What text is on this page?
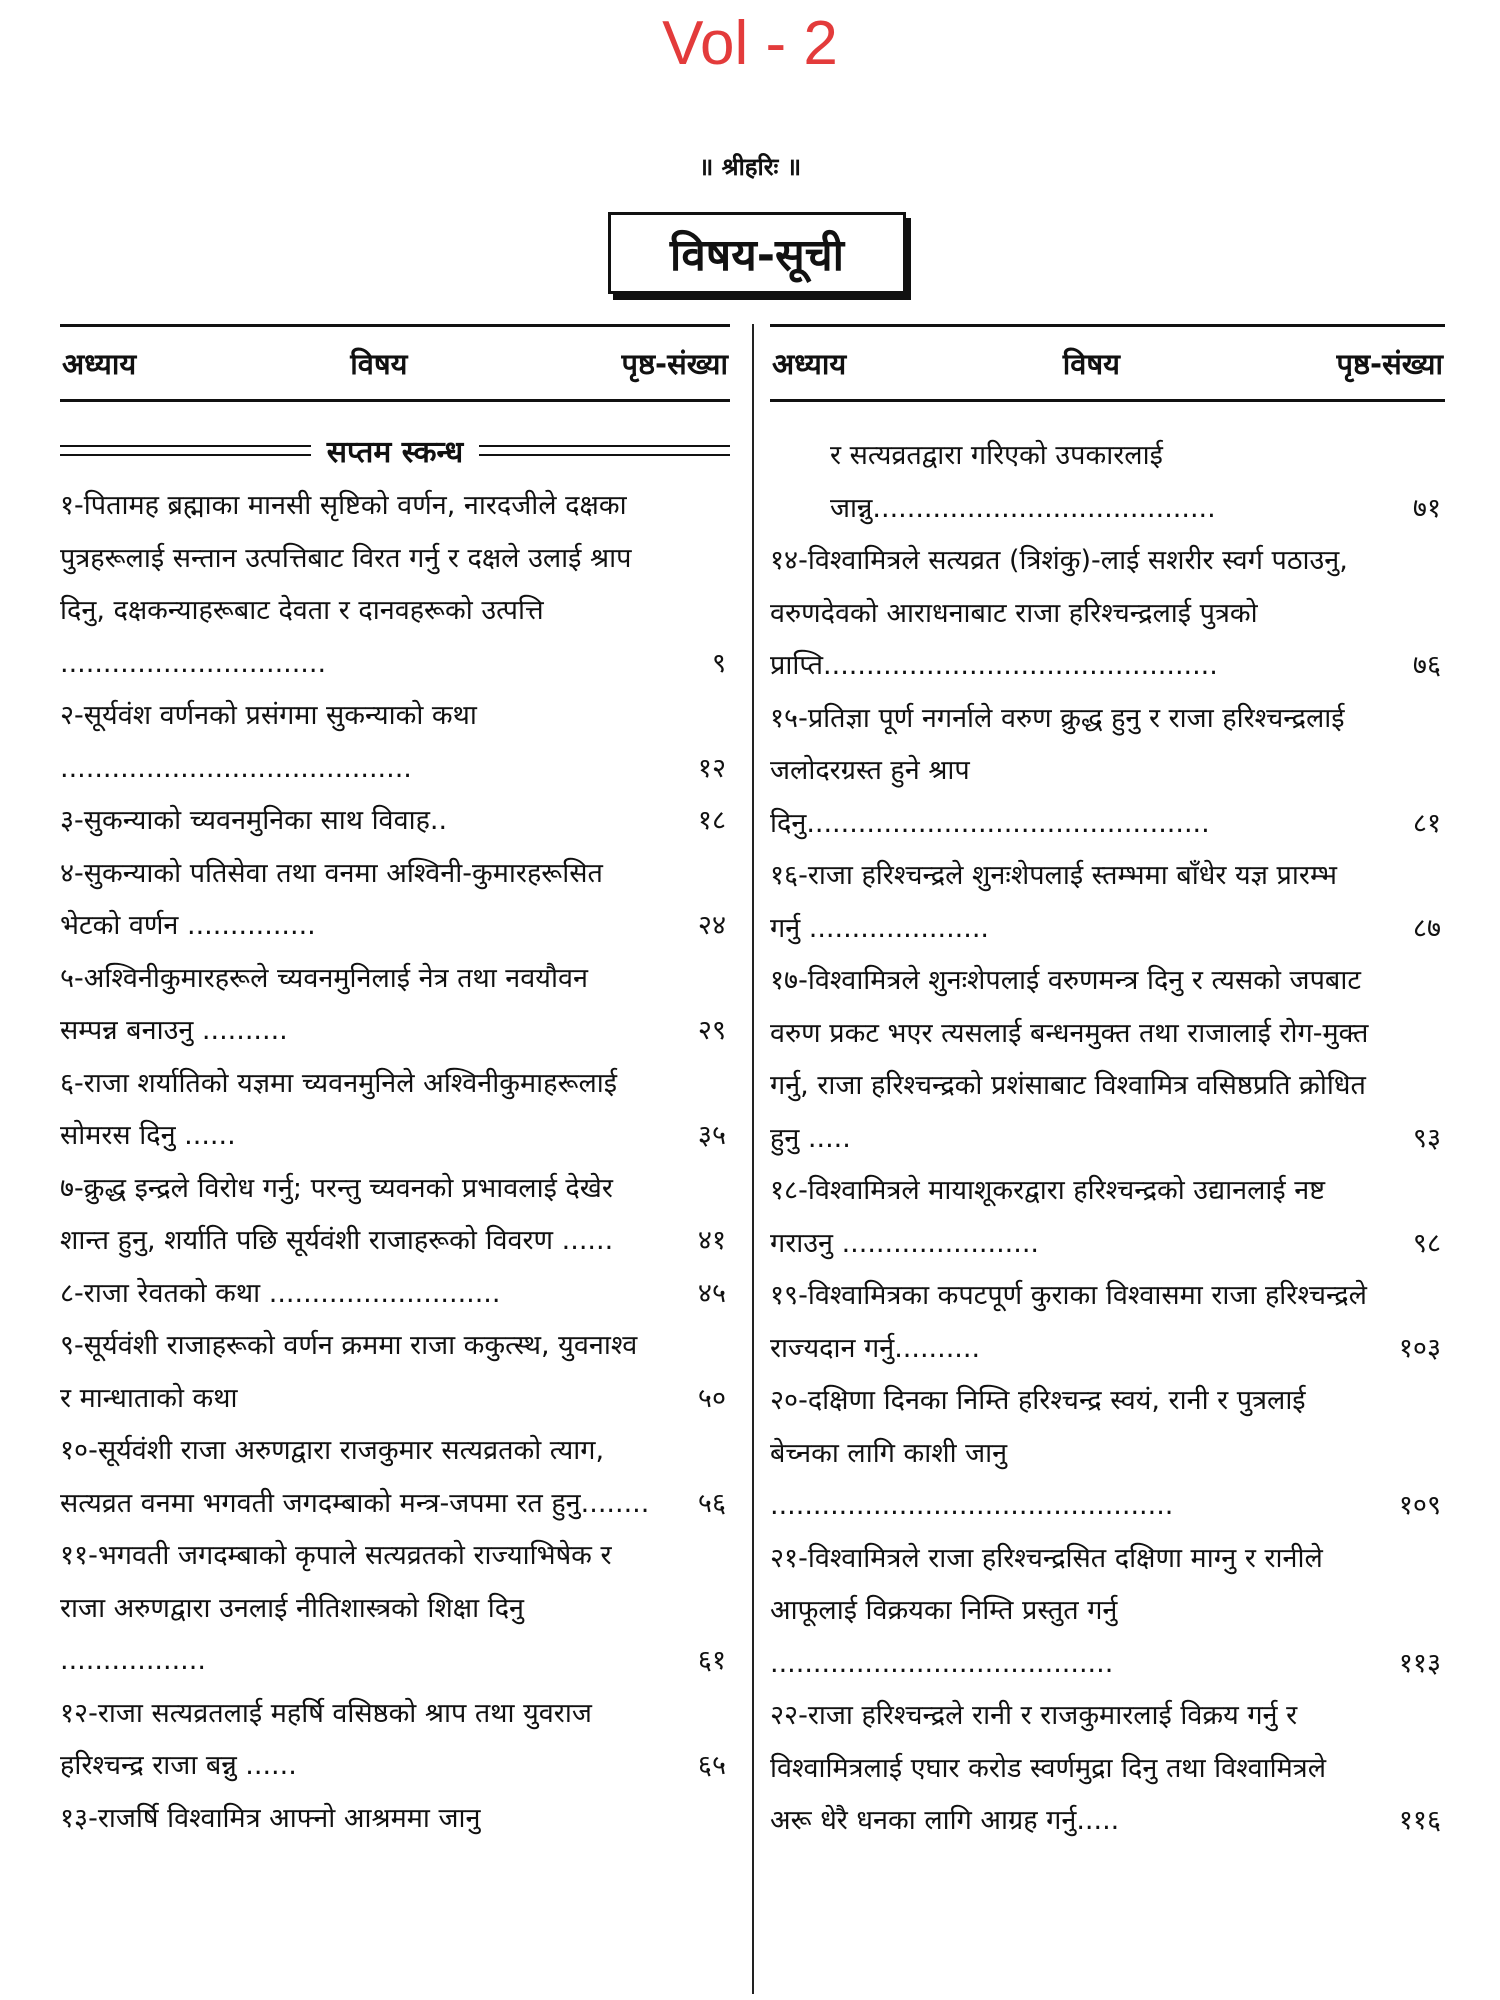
Vol - 2
॥ श्रीहरिः ॥
विषय-सूची
अध्याय	विषय	पृष्ठ-संख्या
सप्तम स्कन्ध
१-पितामह ब्रह्माका मानसी सृष्टिको वर्णन, नारदजीले दक्षका पुत्रहरूलाई सन्तान उत्पत्तिबाट विरत गर्नु र दक्षले उलाई श्राप दिनु, दक्षकन्याहरूबाट देवता र दानवहरूको उत्पत्ति ...............................	९
२-सूर्यवंश वर्णनको प्रसंगमा सुकन्याको कथा .........................................	१२
३-सुकन्याको च्यवनमुनिका साथ विवाह..	१८
४-सुकन्याको पतिसेवा तथा वनमा अश्विनी-कुमारहरूसित भेटको वर्णन ...............	२४
५-अश्विनीकुमारहरूले च्यवनमुनिलाई नेत्र तथा नवयौवन सम्पन्न बनाउनु ..........	२९
६-राजा शर्यातिको यज्ञमा च्यवनमुनिले अश्विनीकुमाहरूलाई सोमरस दिनु ......	३५
७-क्रुद्ध इन्द्रले विरोध गर्नु; परन्तु च्यवनको प्रभावलाई देखेर शान्त हुनु, शर्याति पछि सूर्यवंशी राजाहरूको विवरण ......	४१
८-राजा रेवतको कथा ...........................	४५
९-सूर्यवंशी राजाहरूको वर्णन क्रममा राजा ककुत्स्थ, युवनाश्व र मान्धाताको कथा	५०
१०-सूर्यवंशी राजा अरुणद्वारा राजकुमार सत्यव्रतको त्याग, सत्यव्रत वनमा भगवती जगदम्बाको मन्त्र-जपमा रत हुनु........	५६
११-भगवती जगदम्बाको कृपाले सत्यव्रतको राज्याभिषेक र राजा अरुणद्वारा उनलाई नीतिशास्त्रको शिक्षा दिनु .................	६१
१२-राजा सत्यव्रतलाई महर्षि वसिष्ठको श्राप तथा युवराज हरिश्चन्द्र राजा बन्नु ......	६५
१३-राजर्षि विश्वामित्र आफ्नो आश्रममा जानु
अध्याय	विषय	पृष्ठ-संख्या
र सत्यव्रतद्वारा गरिएको उपकारलाई जान्नु........................................	७१
१४-विश्वामित्रले सत्यव्रत (त्रिशंकु)-लाई सशरीर स्वर्ग पठाउनु, वरुणदेवको आराधनाबाट राजा हरिश्चन्द्रलाई पुत्रको प्राप्ति..............................................	७६
१५-प्रतिज्ञा पूर्ण नगर्नाले वरुण क्रुद्ध हुनु र राजा हरिश्चन्द्रलाई जलोदरग्रस्त हुने श्राप दिनु...............................................	८१
१६-राजा हरिश्चन्द्रले शुनःशेपलाई स्तम्भमा बाँधेर यज्ञ प्रारम्भ गर्नु .....................	८७
१७-विश्वामित्रले शुनःशेपलाई वरुणमन्त्र दिनु र त्यसको जपबाट वरुण प्रकट भएर त्यसलाई बन्धनमुक्त तथा राजालाई रोग-मुक्त गर्नु, राजा हरिश्चन्द्रको प्रशंसाबाट विश्वामित्र वसिष्ठप्रति क्रोधित हुनु .....	९३
१८-विश्वामित्रले मायाशूकरद्वारा हरिश्चन्द्रको उद्यानलाई नष्ट गराउनु .......................	९८
१९-विश्वामित्रका कपटपूर्ण कुराका विश्वासमा राजा हरिश्चन्द्रले राज्यदान गर्नु..........	१०३
२०-दक्षिणा दिनका निम्ति हरिश्चन्द्र स्वयं, रानी र पुत्रलाई बेच्नका लागि काशी जानु ...............................................	१०९
२१-विश्वामित्रले राजा हरिश्चन्द्रसित दक्षिणा माग्नु र रानीले आफूलाई विक्रयका निम्ति प्रस्तुत गर्नु ........................................	११३
२२-राजा हरिश्चन्द्रले रानी र राजकुमारलाई विक्रय गर्नु र विश्वामित्रलाई एघार करोड स्वर्णमुद्रा दिनु तथा विश्वामित्रले अरू धेरै धनका लागि आग्रह गर्नु.....	११६
